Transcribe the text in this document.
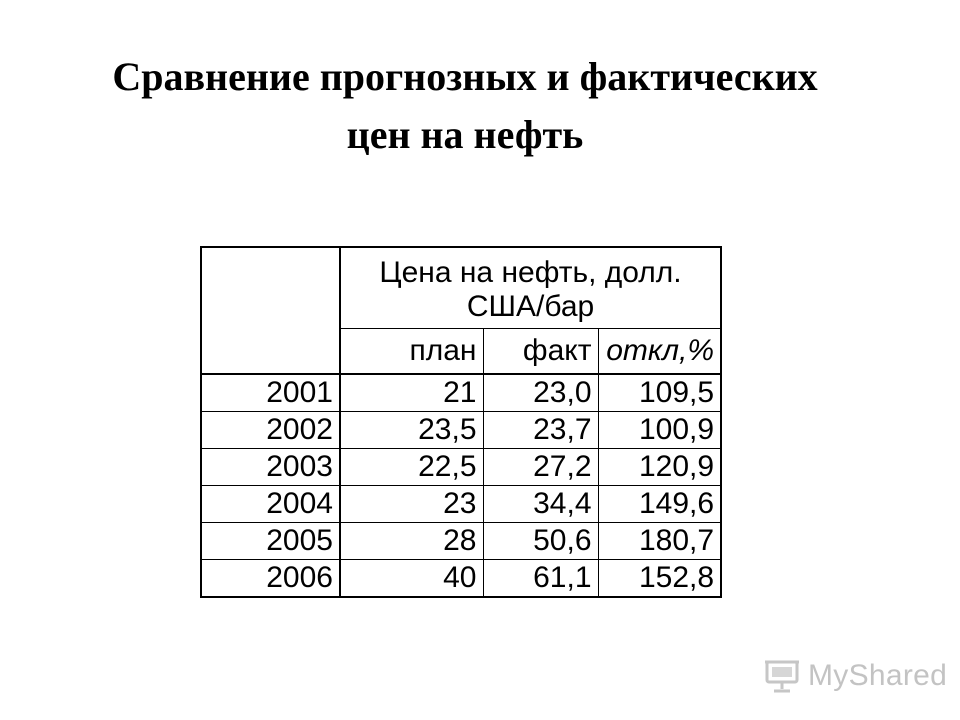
Сравнение прогнозных и фактических
цен на нефть

	Цена на нефть, долл.
США/бар		

	план	факт	откл,%
2001	21	23,0	109,5
2002	23,5	23,7	100,9
2003	22,5	27,2	120,9
2004	23	34,4	149,6
2005	28	50,6	180,7
2006	40	61,1	152,8
MyShared
